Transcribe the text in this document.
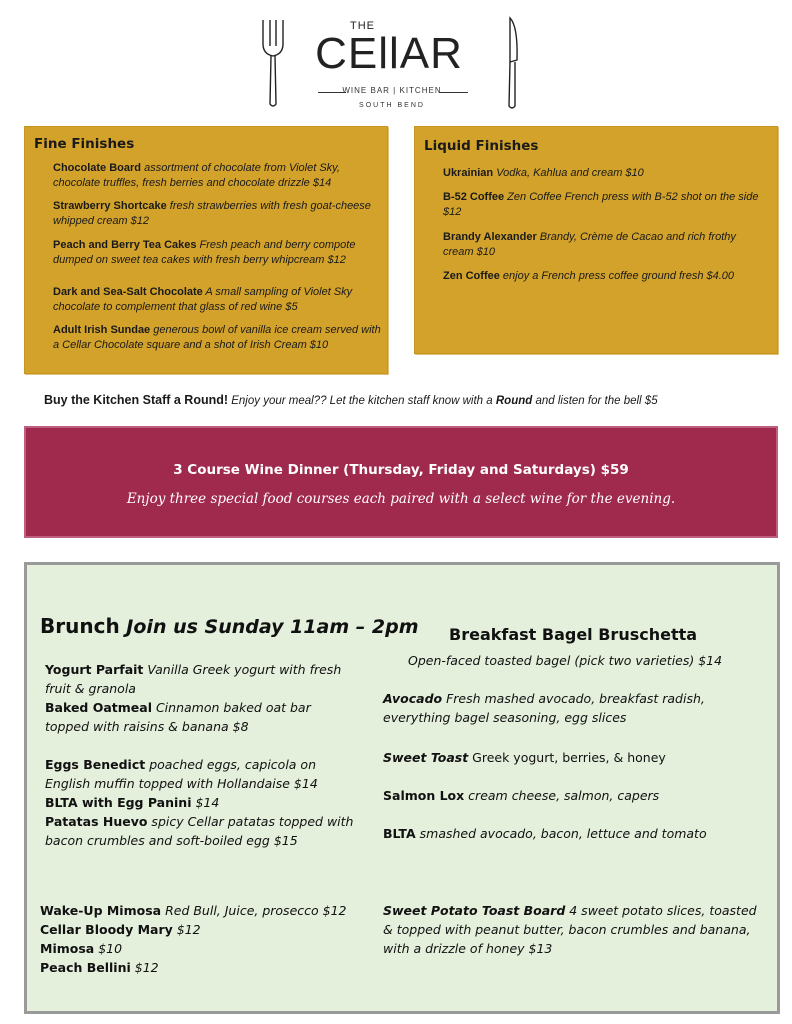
THE
CEllAR
WINE BAR | KITCHEN
SOUTH BEND
Fine Finishes
Chocolate Board assortment of chocolate from Violet Sky, chocolate truffles, fresh berries and chocolate drizzle $14
Strawberry Shortcake fresh strawberries with fresh goat-cheese whipped cream $12
Peach and Berry Tea Cakes Fresh peach and berry compote dumped on sweet tea cakes with fresh berry whipcream $12
Dark and Sea-Salt Chocolate A small sampling of Violet Sky chocolate to complement that glass of red wine $5
Adult Irish Sundae generous bowl of vanilla ice cream served with a Cellar Chocolate square and a shot of Irish Cream $10
Liquid Finishes
Ukrainian Vodka, Kahlua and cream $10
B-52 Coffee Zen Coffee French press with B-52 shot on the side $12
Brandy Alexander Brandy, Crème de Cacao and rich frothy cream $10
Zen Coffee enjoy a French press coffee ground fresh $4.00
Buy the Kitchen Staff a Round! Enjoy your meal?? Let the kitchen staff know with a Round and listen for the bell $5
3 Course Wine Dinner (Thursday, Friday and Saturdays) $59
Enjoy three special food courses each paired with a select wine for the evening.
Brunch Join us Sunday 11am – 2pm
Yogurt Parfait Vanilla Greek yogurt with fresh fruit & granola
Baked Oatmeal Cinnamon baked oat bar topped with raisins & banana $8
Eggs Benedict poached eggs, capicola on English muffin topped with Hollandaise $14
BLTA with Egg Panini $14
Patatas Huevo spicy Cellar patatas topped with bacon crumbles and soft-boiled egg $15
Wake-Up Mimosa Red Bull, Juice, prosecco $12
Cellar Bloody Mary $12
Mimosa $10
Peach Bellini $12
Breakfast Bagel Bruschetta
Open-faced toasted bagel (pick two varieties) $14
Avocado Fresh mashed avocado, breakfast radish, everything bagel seasoning, egg slices
Sweet Toast Greek yogurt, berries, & honey
Salmon Lox cream cheese, salmon, capers
BLTA smashed avocado, bacon, lettuce and tomato
Sweet Potato Toast Board 4 sweet potato slices, toasted & topped with peanut butter, bacon crumbles and banana, with a drizzle of honey $13
